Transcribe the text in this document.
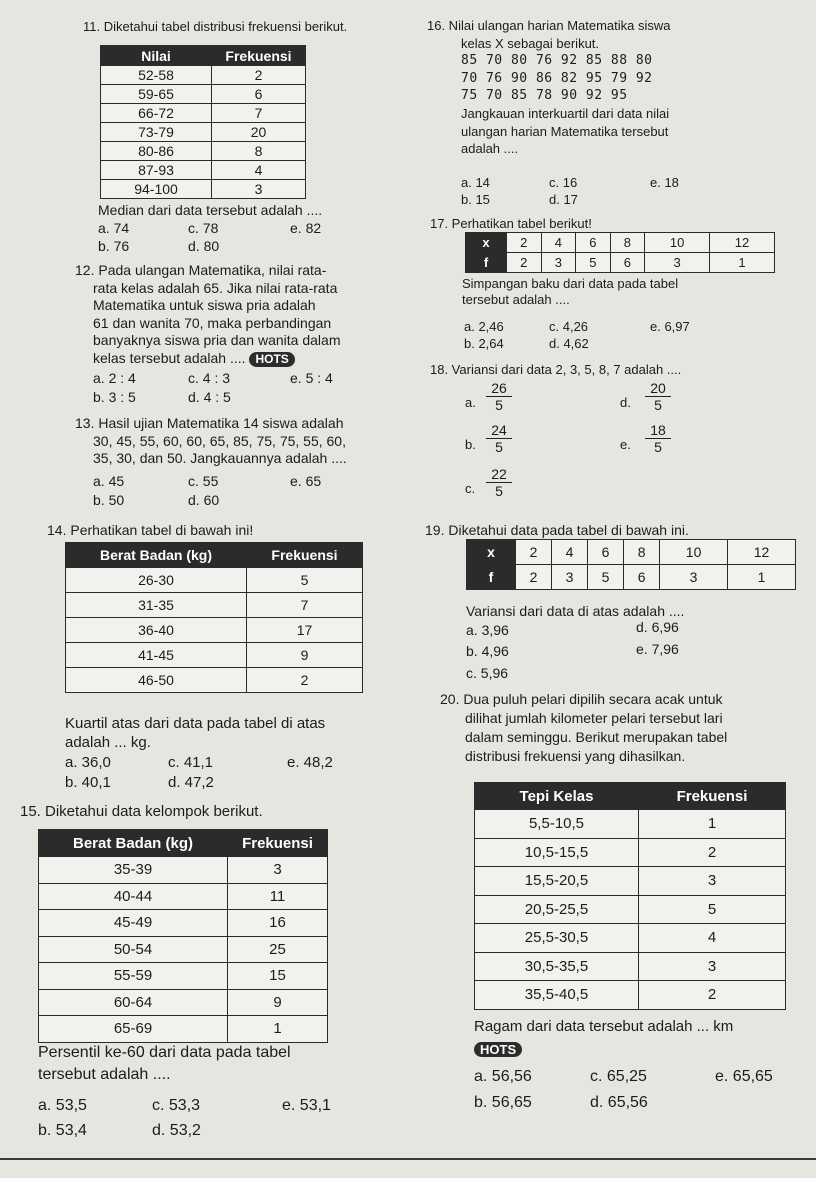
11. Diketahui tabel distribusi frekuensi berikut.
Nilai	Frekuensi
52-58	2
59-65	6
66-72	7
73-79	20
80-86	8
87-93	4
94-100	3
Median dari data tersebut adalah ....
a. 74	c. 78	e. 82
b. 76	d. 80
12. Pada ulangan Matematika, nilai rata-
rata kelas adalah 65. Jika nilai rata-rata
Matematika untuk siswa pria adalah
61 dan wanita 70, maka perbandingan
banyaknya siswa pria dan wanita dalam
kelas tersebut adalah .... HOTS
a. 2 : 4	c. 4 : 3	e. 5 : 4
b. 3 : 5	d. 4 : 5
13. Hasil ujian Matematika 14 siswa adalah
30, 45, 55, 60, 60, 65, 85, 75, 75, 55, 60,
35, 30, dan 50. Jangkauannya adalah ....
a. 45	c. 55	e. 65
b. 50	d. 60
14. Perhatikan tabel di bawah ini!
Berat Badan (kg)	Frekuensi
26-30	5
31-35	7
36-40	17
41-45	9
46-50	2
Kuartil atas dari data pada tabel di atas
adalah ... kg.
a. 36,0	c. 41,1	e. 48,2
b. 40,1	d. 47,2
15. Diketahui data kelompok berikut.
Berat Badan (kg)	Frekuensi
35-39	3
40-44	11
45-49	16
50-54	25
55-59	15
60-64	9
65-69	1
Persentil ke-60 dari data pada tabel
tersebut adalah ....
a. 53,5	c. 53,3	e. 53,1
b. 53,4	d. 53,2
16. Nilai ulangan harian Matematika siswa
kelas X sebagai berikut.
85 70 80 76 92 85 88 80
70 76 90 86 82 95 79 92
75 70 85 78 90 92 95
Jangkauan interkuartil dari data nilai
ulangan harian Matematika tersebut
adalah ....
a. 14	c. 16	e. 18
b. 15	d. 17
17. Perhatikan tabel berikut!
x	2	4	6	8	10	12
f	2	3	5	6	3	1
Simpangan baku dari data pada tabel
tersebut adalah ....
a. 2,46	c. 4,26	e. 6,97
b. 2,64	d. 4,62
18. Variansi dari data 2, 3, 5, 8, 7 adalah ....
a. $\frac{26}{5}$
b. $\frac{24}{5}$
c. $\frac{22}{5}$
d. $\frac{20}{5}$
e. $\frac{18}{5}$
19. Diketahui data pada tabel di bawah ini.
x	2	4	6	8	10	12
f	2	3	5	6	3	1
Variansi dari data di atas adalah ....
a. 3,96	d. 6,96
b. 4,96	e. 7,96
c. 5,96
20. Dua puluh pelari dipilih secara acak untuk
dilihat jumlah kilometer pelari tersebut lari
dalam seminggu. Berikut merupakan tabel
distribusi frekuensi yang dihasilkan.
Tepi Kelas	Frekuensi
5,5-10,5	1
10,5-15,5	2
15,5-20,5	3
20,5-25,5	5
25,5-30,5	4
30,5-35,5	3
35,5-40,5	2
Ragam dari data tersebut adalah ... km
HOTS
a. 56,56	c. 65,25	e. 65,65
b. 56,65	d. 65,56
